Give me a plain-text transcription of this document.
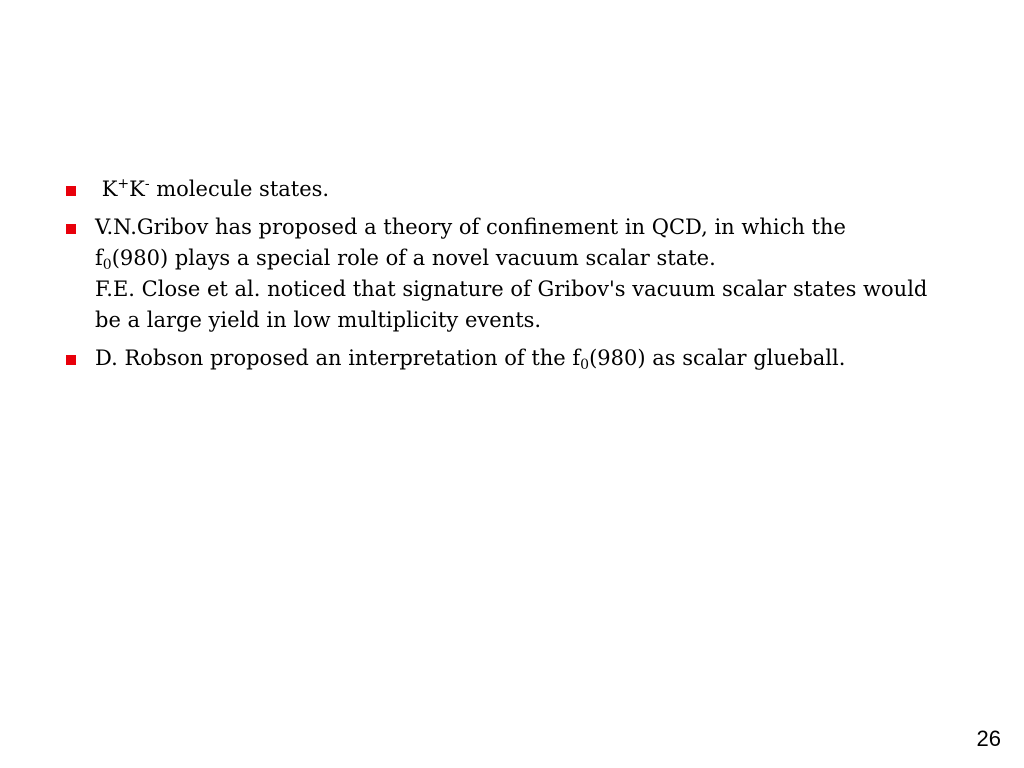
K+K- molecule states.
V.N.Gribov has proposed a theory of confinement in QCD, in which the
$f_0(980)$ plays a special role of a novel vacuum scalar state.
F.E. Close et al. noticed that signature of Gribov's vacuum scalar states would
be a large yield in low multiplicity events.
D. Robson proposed an interpretation of the $f_0(980)$ as scalar glueball.
26
